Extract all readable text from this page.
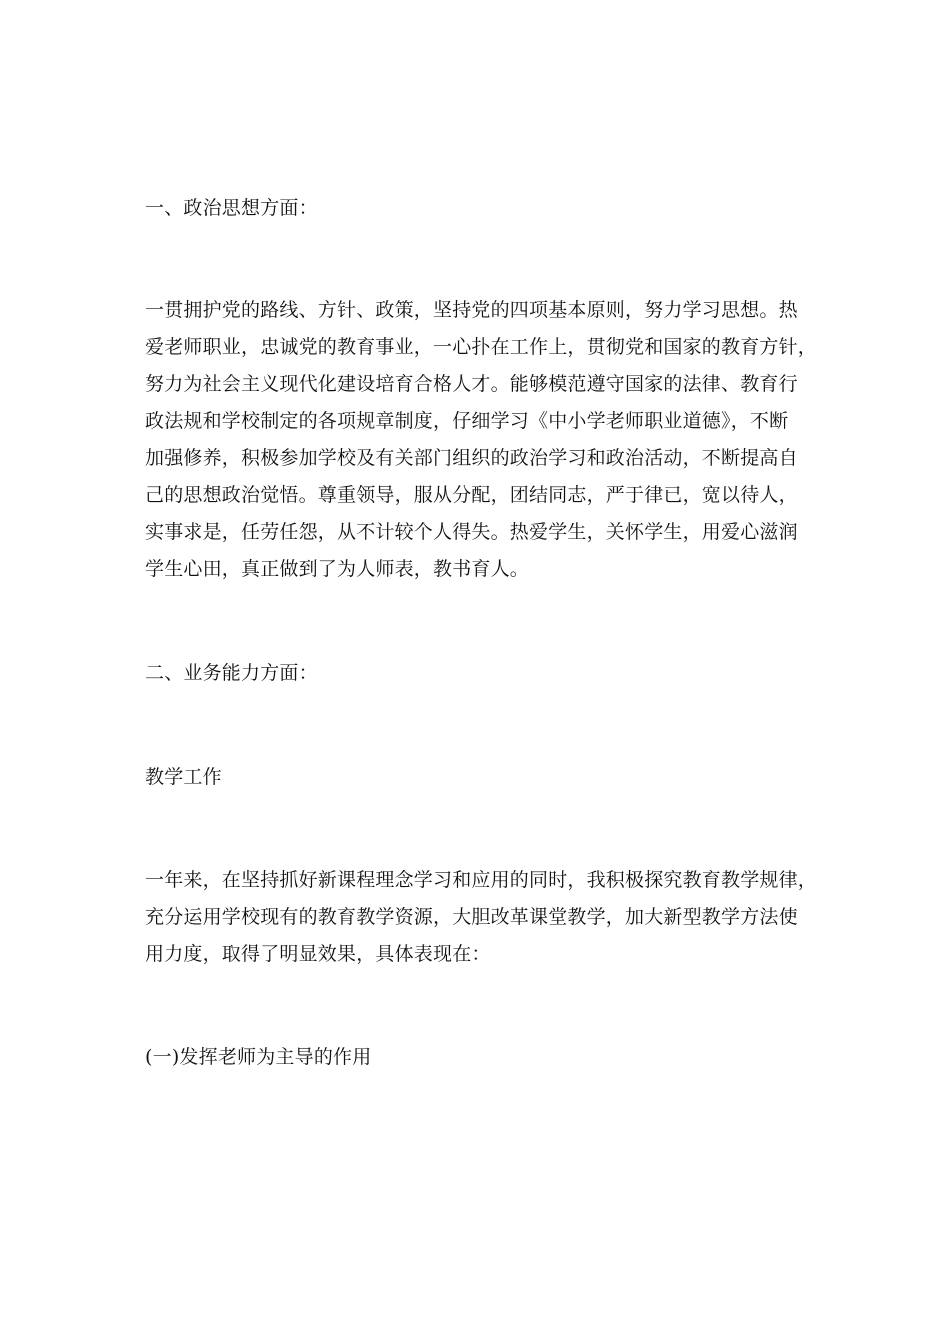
一、政治思想方面：
一贯拥护党的路线、方针、政策，坚持党的四项基本原则，努力学习思想。热
爱老师职业，忠诚党的教育事业，一心扑在工作上，贯彻党和国家的教育方针，
努力为社会主义现代化建设培育合格人才。能够模范遵守国家的法律、教育行
政法规和学校制定的各项规章制度，仔细学习《中小学老师职业道德》，不断
加强修养，积极参加学校及有关部门组织的政治学习和政治活动，不断提高自
己的思想政治觉悟。尊重领导，服从分配，团结同志，严于律已，宽以待人，
实事求是，任劳任怨，从不计较个人得失。热爱学生，关怀学生，用爱心滋润
学生心田，真正做到了为人师表，教书育人。
二、业务能力方面：
教学工作
一年来，在坚持抓好新课程理念学习和应用的同时，我积极探究教育教学规律，
充分运用学校现有的教育教学资源，大胆改革课堂教学，加大新型教学方法使
用力度，取得了明显效果，具体表现在：
(一)发挥老师为主导的作用
